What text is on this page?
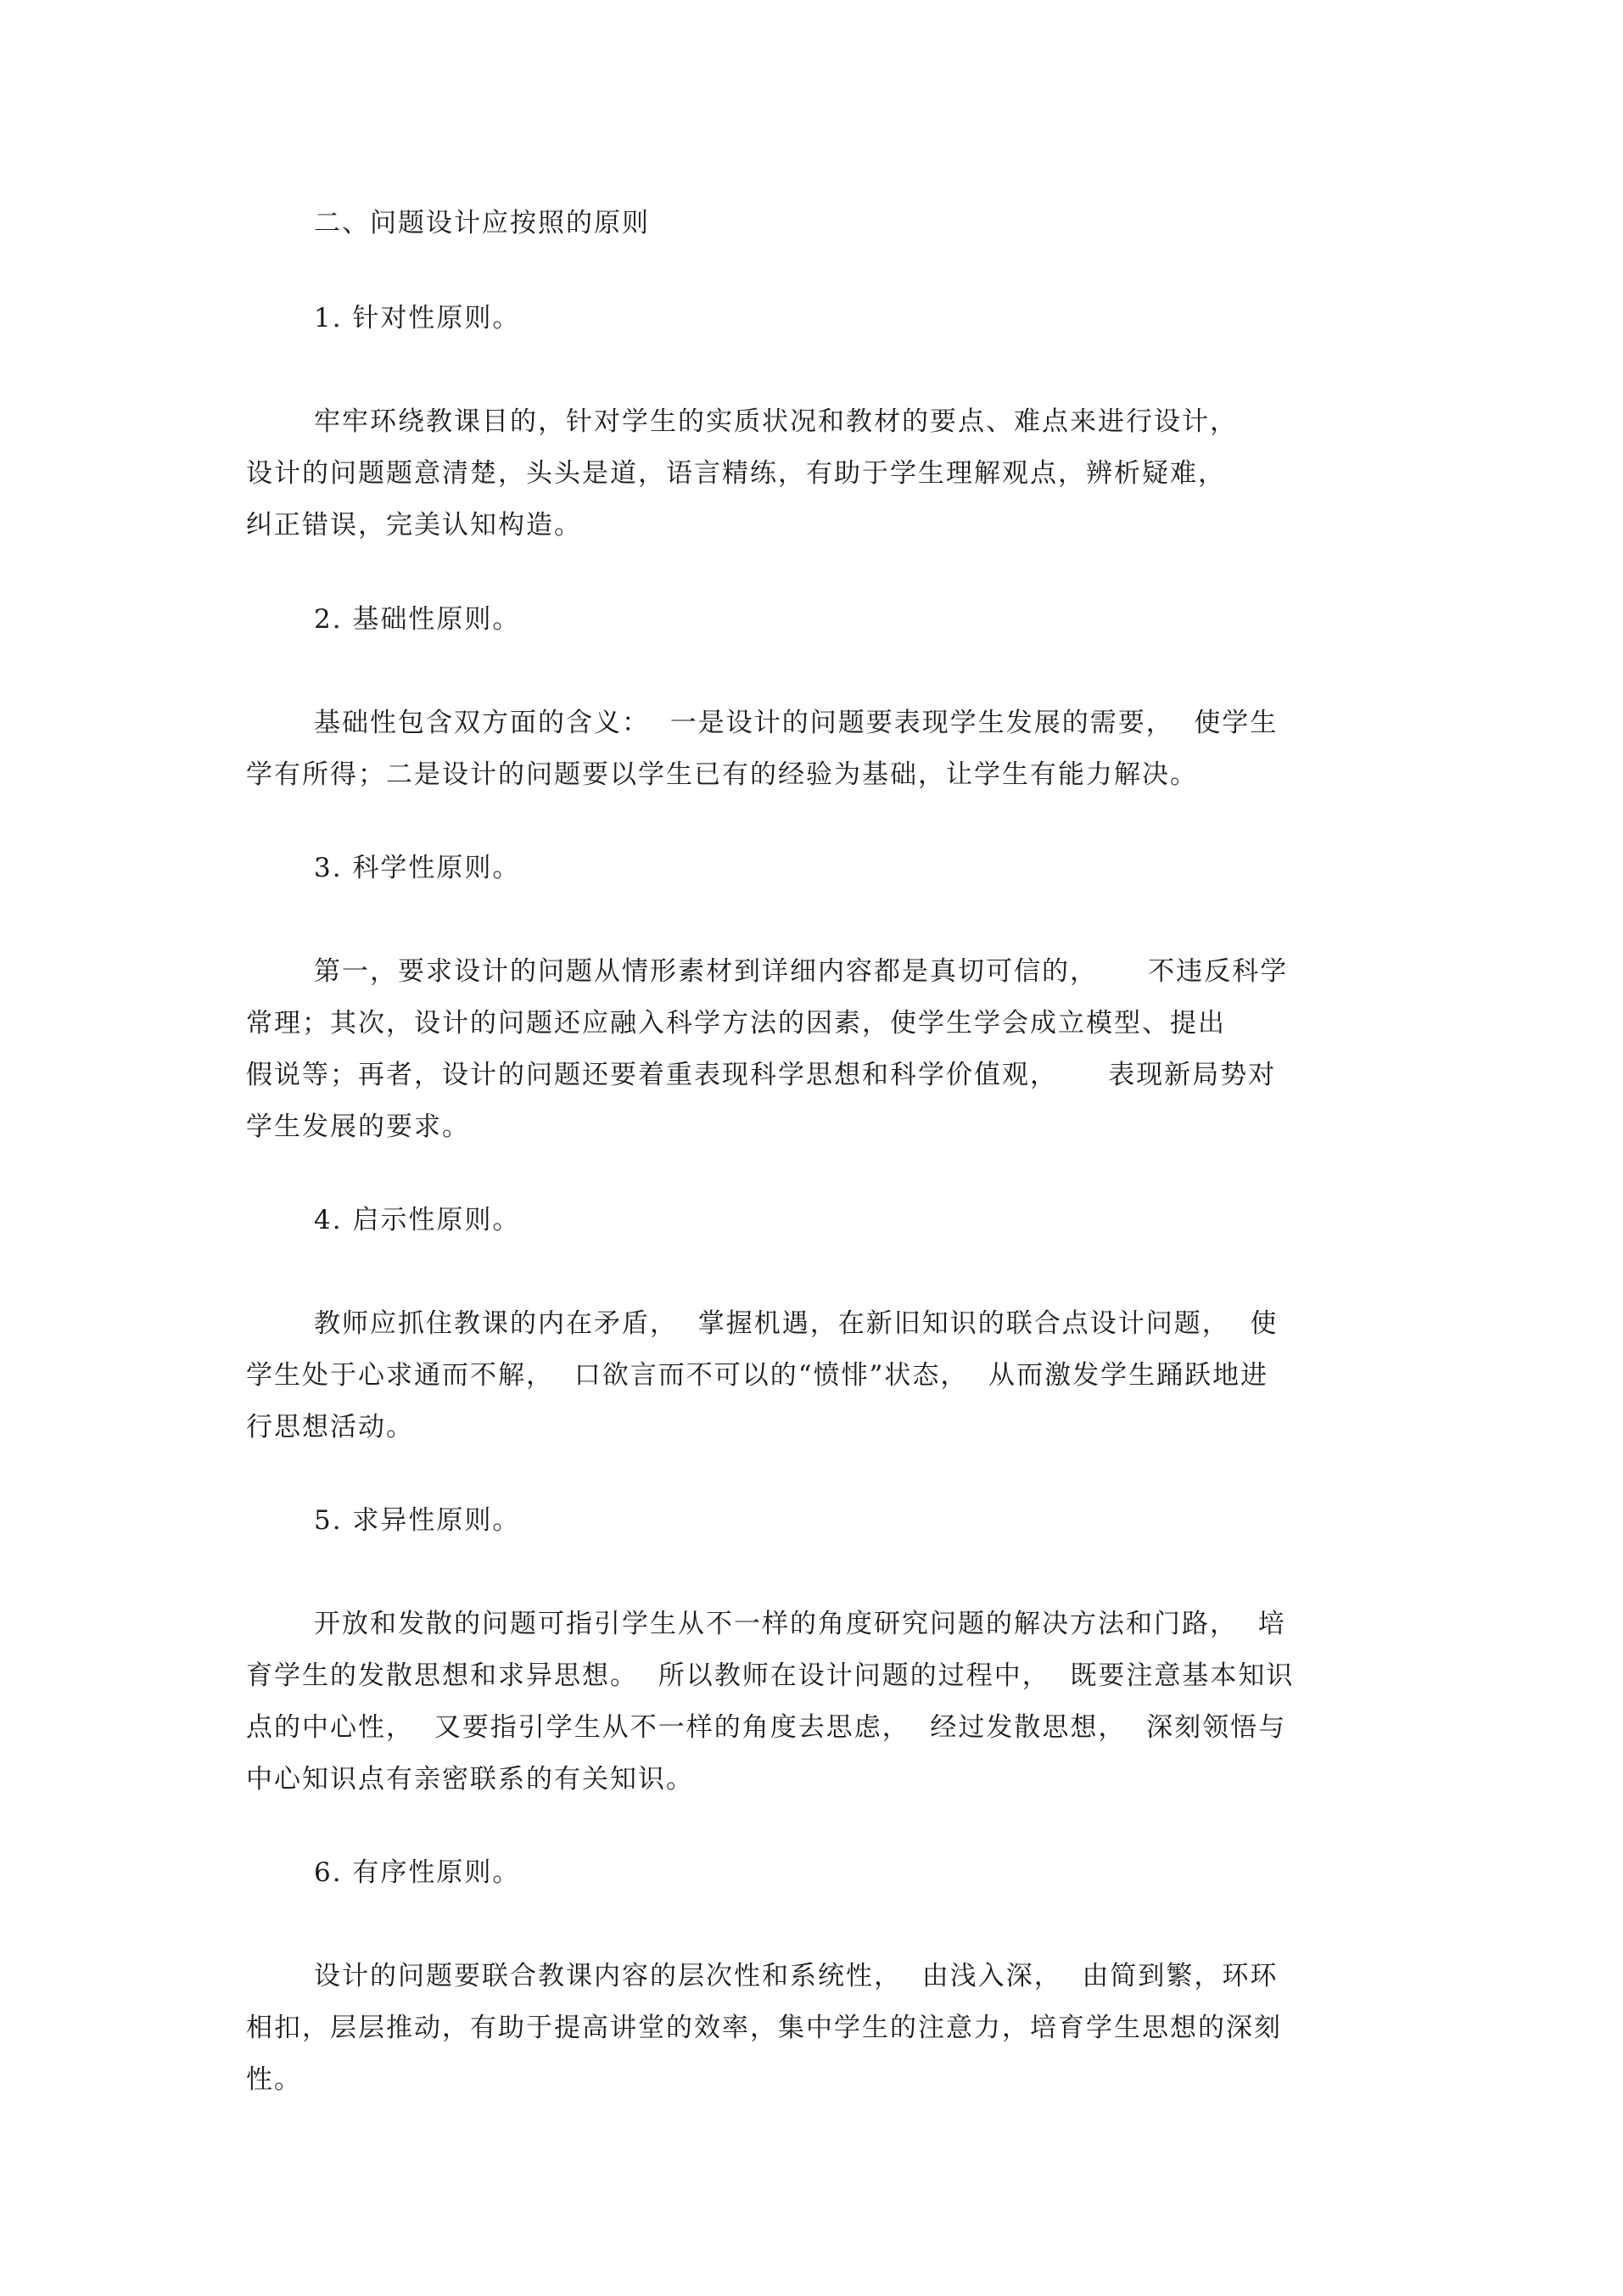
二、问题设计应按照的原则
1. 针对性原则。
牢牢环绕教课目的，针对学生的实质状况和教材的要点、难点来进行设计，
设计的问题题意清楚，头头是道，语言精练，有助于学生理解观点，辨析疑难，
纠正错误，完美认知构造。
2. 基础性原则。
基础性包含双方面的含义：  一是设计的问题要表现学生发展的需要，  使学生
学有所得；二是设计的问题要以学生已有的经验为基础，让学生有能力解决。
3. 科学性原则。
第一，要求设计的问题从情形素材到详细内容都是真切可信的，     不违反科学
常理；其次，设计的问题还应融入科学方法的因素，使学生学会成立模型、提出
假说等；再者，设计的问题还要着重表现科学思想和科学价值观，     表现新局势对
学生发展的要求。
4. 启示性原则。
教师应抓住教课的内在矛盾，  掌握机遇，在新旧知识的联合点设计问题，  使
学生处于心求通而不解，  口欲言而不可以的“愤悱”状态，  从而激发学生踊跃地进
行思想活动。
5. 求异性原则。
开放和发散的问题可指引学生从不一样的角度研究问题的解决方法和门路，  培
育学生的发散思想和求异思想。  所以教师在设计问题的过程中，  既要注意基本知识
点的中心性，  又要指引学生从不一样的角度去思虑，  经过发散思想，  深刻领悟与
中心知识点有亲密联系的有关知识。
6. 有序性原则。
设计的问题要联合教课内容的层次性和系统性，  由浅入深，  由简到繁，环环
相扣，层层推动，有助于提高讲堂的效率，集中学生的注意力，培育学生思想的深刻
性。
